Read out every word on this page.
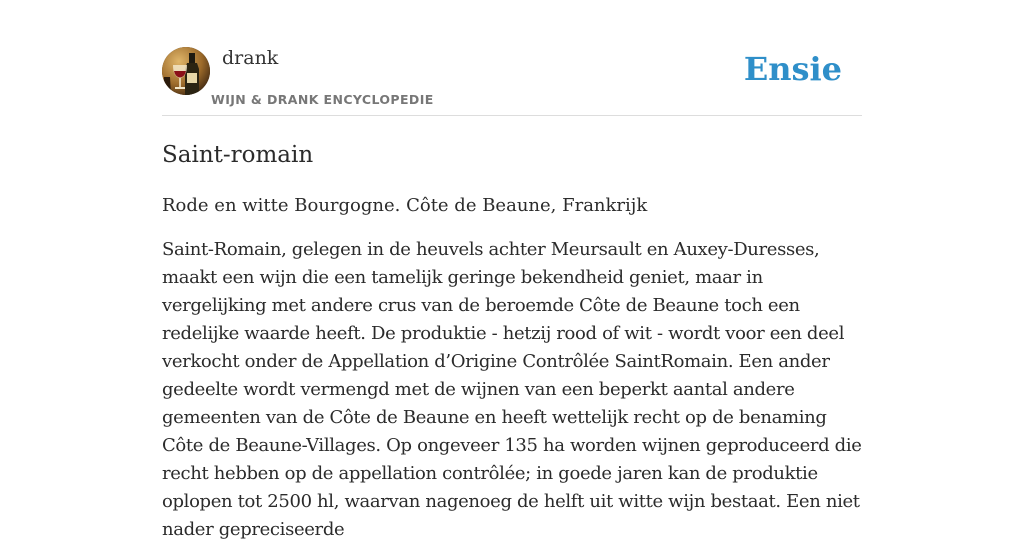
drank
WIJN & DRANK ENCYCLOPEDIE
Ensie
Saint-romain

Rode en witte Bourgogne. Côte de Beaune, Frankrijk

Saint-Romain, gelegen in de heuvels achter Meursault en Auxey-Duresses, maakt een wijn die een tamelijk geringe bekendheid geniet, maar in vergelijking met andere crus van de beroemde Côte de Beaune toch een redelijke waarde heeft. De produktie - hetzij rood of wit - wordt voor een deel verkocht onder de Appellation d’Origine Contrôlée SaintRomain. Een ander gedeelte wordt vermengd met de wijnen van een beperkt aantal andere gemeenten van de Côte de Beaune en heeft wettelijk recht op de benaming Côte de Beaune-Villages. Op ongeveer 135 ha worden wijnen geproduceerd die recht hebben op de appellation contrôlée; in goede jaren kan de produktie oplopen tot 2500 hl, waarvan nagenoeg de helft uit witte wijn bestaat. Een niet nader gepreciseerde
